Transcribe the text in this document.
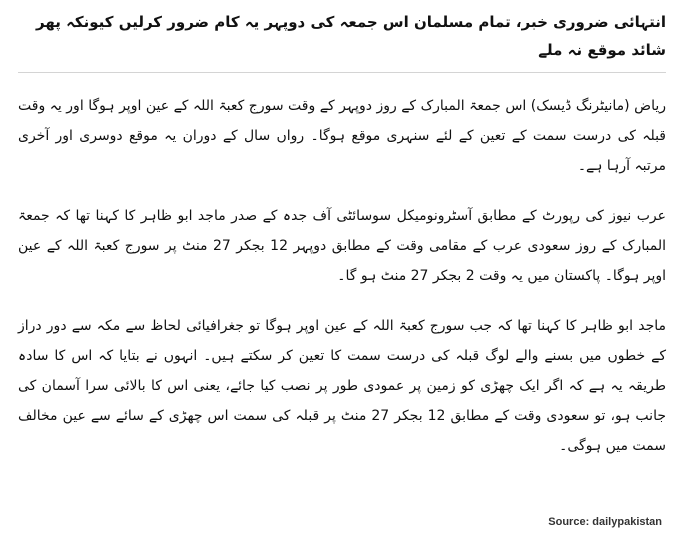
انتہائی ضروری خبر، تمام مسلمان اس جمعہ کی دوپہر یہ کام ضرور کرلیں کیونکہ پھر شائد موقع نہ ملے

ریاض (مانیٹرنگ ڈیسک) اس جمعۃ المبارک کے روز دوپہر کے وقت سورج کعبۃ اللہ کے عین اوپر ہوگا اور یہ وقت قبلہ کی درست سمت کے تعین کے لئے سنہری موقع ہوگا۔ رواں سال کے دوران یہ موقع دوسری اور آخری مرتبہ آرہا ہے۔

عرب نیوز کی رپورٹ کے مطابق آسٹرونومیکل سوسائٹی آف جدہ کے صدر ماجد ابو ظاہر کا کہنا تھا کہ جمعۃ المبارک کے روز سعودی عرب کے مقامی وقت کے مطابق دوپہر 12 بجکر 27 منٹ پر سورج کعبۃ اللہ کے عین اوپر ہوگا۔ پاکستان میں یہ وقت 2 بجکر 27 منٹ ہو گا۔

ماجد ابو ظاہر کا کہنا تھا کہ جب سورج کعبۃ اللہ کے عین اوپر ہوگا تو جغرافیائی لحاظ سے مکہ سے دور دراز کے خطوں میں بسنے والے لوگ قبلہ کی درست سمت کا تعین کر سکتے ہیں۔ انہوں نے بتایا کہ اس کا سادہ طریقہ یہ ہے کہ اگر ایک چھڑی کو زمین پر عمودی طور پر نصب کیا جائے، یعنی اس کا بالائی سرا آسمان کی جانب ہو، تو سعودی وقت کے مطابق 12 بجکر 27 منٹ پر قبلہ کی سمت اس چھڑی کے سائے سے عین مخالف سمت میں ہوگی۔

Source: dailypakistan
